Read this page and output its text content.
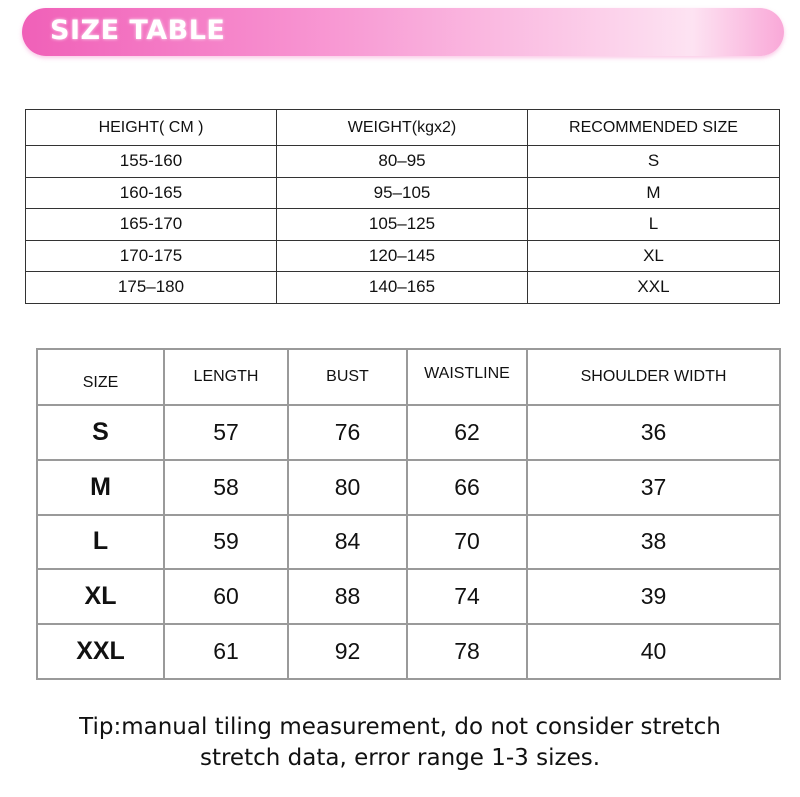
SIZE TABLE
HEIGHT( CM )	WEIGHT(kgx2)	RECOMMENDED SIZE
155-160	80–95	S
160-165	95–105	M
165-170	105–125	L
170-175	120–145	XL
175–180	140–165	XXL
SIZE	LENGTH	BUST	WAISTLINE	SHOULDER WIDTH
S	57	76	62	36
M	58	80	66	37
L	59	84	70	38
XL	60	88	74	39
XXL	61	92	78	40
Tip:manual tiling measurement, do not consider stretch
stretch data, error range 1-3 sizes.
